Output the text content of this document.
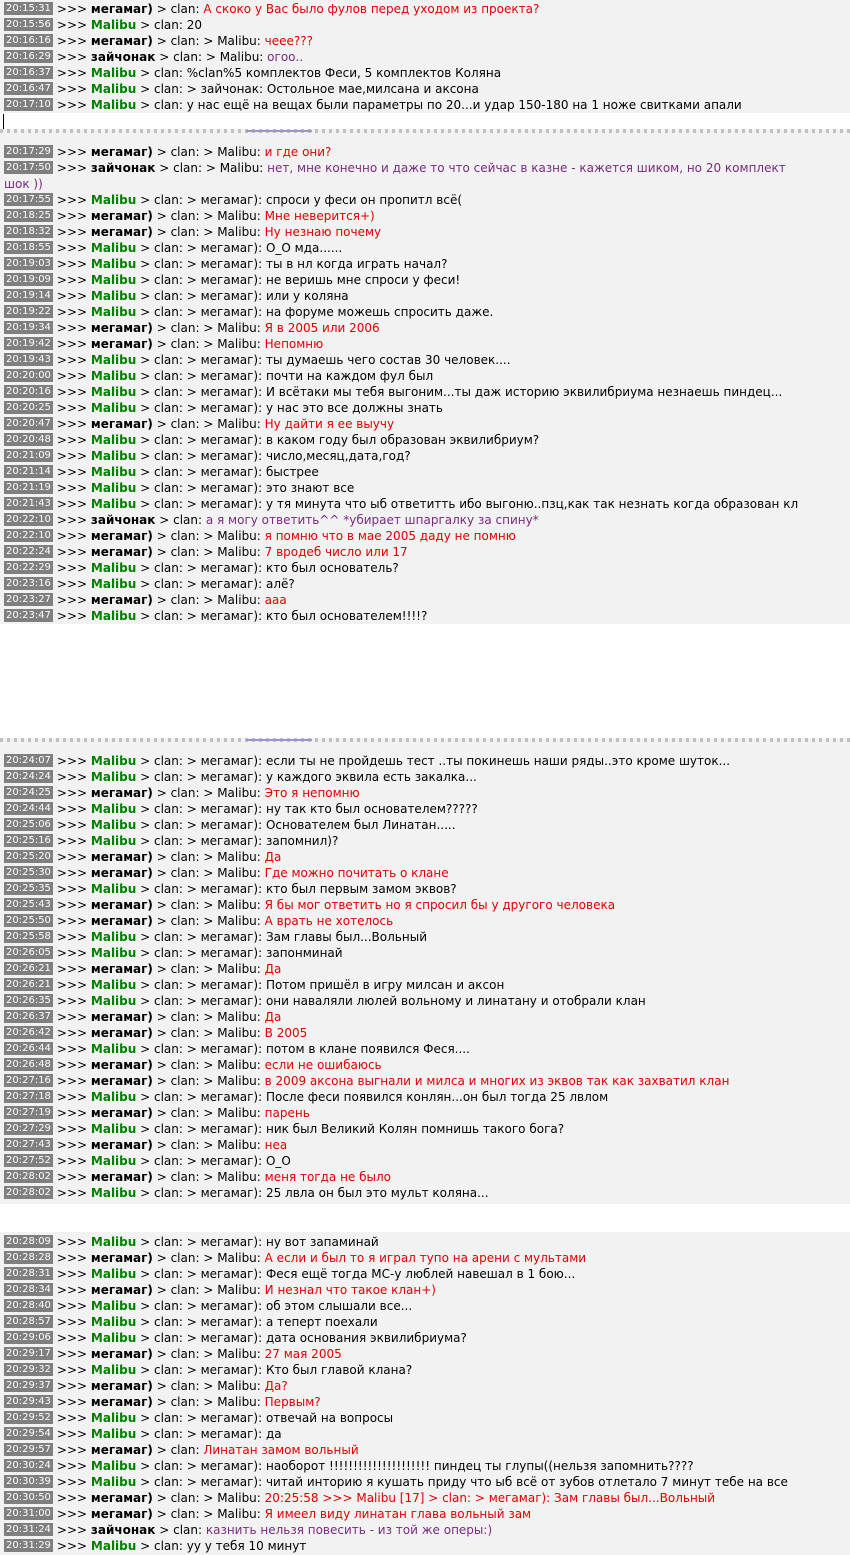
20:15:31 >>> мегамаг) > clan: А скоко у Вас было фулов перед уходом из проекта?
20:15:56 >>> Malibu > clan: 20
20:16:16 >>> мегамаг) > clan: > Malibu: чеее???
20:16:29 >>> зайчонак > clan: > Malibu: огоо..
20:16:37 >>> Malibu > clan: %clan%5 комплектов Феси, 5 комплектов Коляна
20:16:47 >>> Malibu > clan: > зайчонак: Остольное мае,милсана и аксона
20:17:10 >>> Malibu > clan: у нас ещё на вещах были параметры по 20...и удар 150-180 на 1 ноже свитками апали
20:17:29 >>> мегамаг) > clan: > Malibu: и где они?
20:17:50 >>> зайчонак > clan: > Malibu: нет, мне конечно и даже то что сейчас в казне - кажется шиком, но 20 комплект
шок ))
20:17:55 >>> Malibu > clan: > мегамаг): спроси у феси он пропитл всё(
20:18:25 >>> мегамаг) > clan: > Malibu: Мне неверится+)
20:18:32 >>> мегамаг) > clan: > Malibu: Ну незнаю почему
20:18:55 >>> Malibu > clan: > мегамаг): О_О мда......
20:19:03 >>> Malibu > clan: > мегамаг): ты в нл когда играть начал?
20:19:09 >>> Malibu > clan: > мегамаг): не веришь мне спроси у феси!
20:19:14 >>> Malibu > clan: > мегамаг): или у коляна
20:19:22 >>> Malibu > clan: > мегамаг): на форуме можешь спросить даже.
20:19:34 >>> мегамаг) > clan: > Malibu: Я в 2005 или 2006
20:19:42 >>> мегамаг) > clan: > Malibu: Непомню
20:19:43 >>> Malibu > clan: > мегамаг): ты думаешь чего состав 30 человек....
20:20:00 >>> Malibu > clan: > мегамаг): почти на каждом фул был
20:20:16 >>> Malibu > clan: > мегамаг): И всётаки мы тебя выгоним...ты даж историю эквилибриума незнаешь пиндец...
20:20:25 >>> Malibu > clan: > мегамаг): у нас это все должны знать
20:20:47 >>> мегамаг) > clan: > Malibu: Ну дайти я ее выучу
20:20:48 >>> Malibu > clan: > мегамаг): в каком году был образован эквилибриум?
20:21:09 >>> Malibu > clan: > мегамаг): число,месяц,дата,год?
20:21:14 >>> Malibu > clan: > мегамаг): быстрее
20:21:19 >>> Malibu > clan: > мегамаг): это знают все
20:21:43 >>> Malibu > clan: > мегамаг): у тя минута что ыб ответитть ибо выгоню..пзц,как так незнать когда образован кл
20:22:10 >>> зайчонак > clan: а я могу ответить^^ *убирает шпаргалку за спину*
20:22:10 >>> мегамаг) > clan: > Malibu: я помню что в мае 2005 даду не помню
20:22:24 >>> мегамаг) > clan: > Malibu: 7 вродеб число или 17
20:22:29 >>> Malibu > clan: > мегамаг): кто был основатель?
20:23:16 >>> Malibu > clan: > мегамаг): алё?
20:23:27 >>> мегамаг) > clan: > Malibu: ааа
20:23:47 >>> Malibu > clan: > мегамаг): кто был основателем!!!!?
20:24:07 >>> Malibu > clan: > мегамаг): если ты не пройдешь тест ..ты покинешь наши ряды..это кроме шуток...
20:24:24 >>> Malibu > clan: > мегамаг): у каждого эквила есть закалка...
20:24:25 >>> мегамаг) > clan: > Malibu: Это я непомню
20:24:44 >>> Malibu > clan: > мегамаг): ну так кто был основателем?????
20:25:06 >>> Malibu > clan: > мегамаг): Основателем был Линатан.....
20:25:16 >>> Malibu > clan: > мегамаг): запомнил)?
20:25:20 >>> мегамаг) > clan: > Malibu: Да
20:25:30 >>> мегамаг) > clan: > Malibu: Где можно почитать о клане
20:25:35 >>> Malibu > clan: > мегамаг): кто был первым замом эквов?
20:25:43 >>> мегамаг) > clan: > Malibu: Я бы мог ответить но я спросил бы у другого человека
20:25:50 >>> мегамаг) > clan: > Malibu: А врать не хотелось
20:25:58 >>> Malibu > clan: > мегамаг): Зам главы был...Вольный
20:26:05 >>> Malibu > clan: > мегамаг): запонминай
20:26:21 >>> мегамаг) > clan: > Malibu: Да
20:26:21 >>> Malibu > clan: > мегамаг): Потом пришёл в игру милсан и аксон
20:26:35 >>> Malibu > clan: > мегамаг): они наваляли люлей вольному и линатану и отобрали клан
20:26:37 >>> мегамаг) > clan: > Malibu: Да
20:26:42 >>> мегамаг) > clan: > Malibu: В 2005
20:26:44 >>> Malibu > clan: > мегамаг): потом в клане появился Феся....
20:26:48 >>> мегамаг) > clan: > Malibu: если не ошибаюсь
20:27:16 >>> мегамаг) > clan: > Malibu: в 2009 аксона выгнали и милса и многих из эквов так как захватил клан
20:27:18 >>> Malibu > clan: > мегамаг): После феси появился конлян...он был тогда 25 лвлом
20:27:19 >>> мегамаг) > clan: > Malibu: парень
20:27:29 >>> Malibu > clan: > мегамаг): ник был Великий Колян помнишь такого бога?
20:27:43 >>> мегамаг) > clan: > Malibu: неа
20:27:52 >>> Malibu > clan: > мегамаг): О_О
20:28:02 >>> мегамаг) > clan: > Malibu: меня тогда не было
20:28:02 >>> Malibu > clan: > мегамаг): 25 лвла он был это мульт коляна...
20:28:09 >>> Malibu > clan: > мегамаг): ну вот запаминай
20:28:28 >>> мегамаг) > clan: > Malibu: А если и был то я играл тупо на арени с мультами
20:28:31 >>> Malibu > clan: > мегамаг): Феся ещё тогда МС-у люблей навешал в 1 бою...
20:28:34 >>> мегамаг) > clan: > Malibu: И незнал что такое клан+)
20:28:40 >>> Malibu > clan: > мегамаг): об этом слышали все...
20:28:57 >>> Malibu > clan: > мегамаг): а теперт поехали
20:29:06 >>> Malibu > clan: > мегамаг): дата основания эквилибриума?
20:29:17 >>> мегамаг) > clan: > Malibu: 27 мая 2005
20:29:32 >>> Malibu > clan: > мегамаг): Кто был главой клана?
20:29:37 >>> мегамаг) > clan: > Malibu: Да?
20:29:43 >>> мегамаг) > clan: > Malibu: Первым?
20:29:52 >>> Malibu > clan: > мегамаг): отвечай на вопросы
20:29:54 >>> Malibu > clan: > мегамаг): да
20:29:57 >>> мегамаг) > clan: Линатан замом вольный
20:30:24 >>> Malibu > clan: > мегамаг): наоборот !!!!!!!!!!!!!!!!!!!!! пиндец ты глупы((нельзя запомнить????
20:30:39 >>> Malibu > clan: > мегамаг): читай инторию я кушать приду что ыб всё от зубов отлетало 7 минут тебе на все
20:30:50 >>> мегамаг) > clan: > Malibu: 20:25:58 >>> Malibu [17] > clan: > мегамаг): Зам главы был...Вольный
20:31:00 >>> мегамаг) > clan: > Malibu: Я имеел виду линатан глава вольный зам
20:31:24 >>> зайчонак > clan: казнить нельзя повесить - из той же оперы:)
20:31:29 >>> Malibu > clan: уу у тебя 10 минут
